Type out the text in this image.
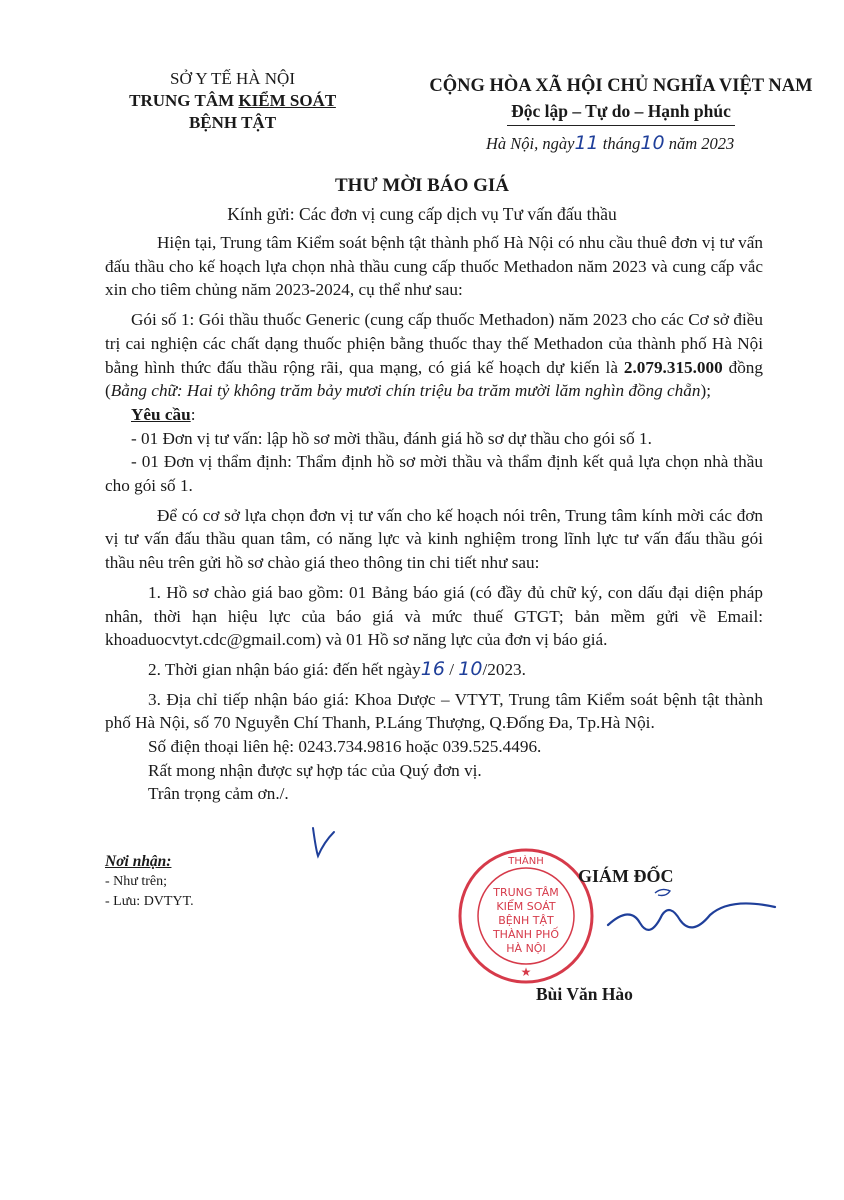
SỞ Y TẾ HÀ NỘI
TRUNG TÂM KIỂM SOÁT BỆNH TẬT
CỘNG HÒA XÃ HỘI CHỦ NGHĨA VIỆT NAM
Độc lập – Tự do – Hạnh phúc
Hà Nội, ngày11 tháng10 năm 2023
THƯ MỜI BÁO GIÁ
Kính gửi: Các đơn vị cung cấp dịch vụ Tư vấn đấu thầu

Hiện tại, Trung tâm Kiểm soát bệnh tật thành phố Hà Nội có nhu cầu thuê đơn vị tư vấn đấu thầu cho kế hoạch lựa chọn nhà thầu cung cấp thuốc Methadon năm 2023 và cung cấp vắc xin cho tiêm chủng năm 2023-2024, cụ thể như sau:

Gói số 1: Gói thầu thuốc Generic (cung cấp thuốc Methadon) năm 2023 cho các Cơ sở điều trị cai nghiện các chất dạng thuốc phiện bằng thuốc thay thế Methadon của thành phố Hà Nội bằng hình thức đấu thầu rộng rãi, qua mạng, có giá kế hoạch dự kiến là 2.079.315.000 đồng (Bằng chữ: Hai tỷ không trăm bảy mươi chín triệu ba trăm mười lăm nghìn đồng chẵn);

Yêu cầu:

- 01 Đơn vị tư vấn: lập hồ sơ mời thầu, đánh giá hồ sơ dự thầu cho gói số 1.

- 01 Đơn vị thẩm định: Thẩm định hồ sơ mời thầu và thẩm định kết quả lựa chọn nhà thầu cho gói số 1.

Để có cơ sở lựa chọn đơn vị tư vấn cho kế hoạch nói trên, Trung tâm kính mời các đơn vị tư vấn đấu thầu quan tâm, có năng lực và kinh nghiệm trong lĩnh lực tư vấn đấu thầu gói thầu nêu trên gửi hồ sơ chào giá theo thông tin chi tiết như sau:

1. Hồ sơ chào giá bao gồm: 01 Bảng báo giá (có đầy đủ chữ ký, con dấu đại diện pháp nhân, thời hạn hiệu lực của báo giá và mức thuế GTGT; bản mềm gửi về Email: khoaduocvtyt.cdc@gmail.com) và 01 Hồ sơ năng lực của đơn vị báo giá.

2. Thời gian nhận báo giá: đến hết ngày16 / 10/2023.

3. Địa chỉ tiếp nhận báo giá: Khoa Dược – VTYT, Trung tâm Kiểm soát bệnh tật thành phố Hà Nội, số 70 Nguyễn Chí Thanh, P.Láng Thượng, Q.Đống Đa, Tp.Hà Nội.

Số điện thoại liên hệ: 0243.734.9816 hoặc 039.525.4496.

Rất mong nhận được sự hợp tác của Quý đơn vị.

Trân trọng cảm ơn./.

Nơi nhận:
- Như trên;
- Lưu: DVTYT.
THÀNH
TRUNG TÂM
KIỂM SOÁT
BỆNH TẬT
THÀNH PHỐ
HÀ NỘI
★
GIÁM ĐỐC
Bùi Văn Hào
